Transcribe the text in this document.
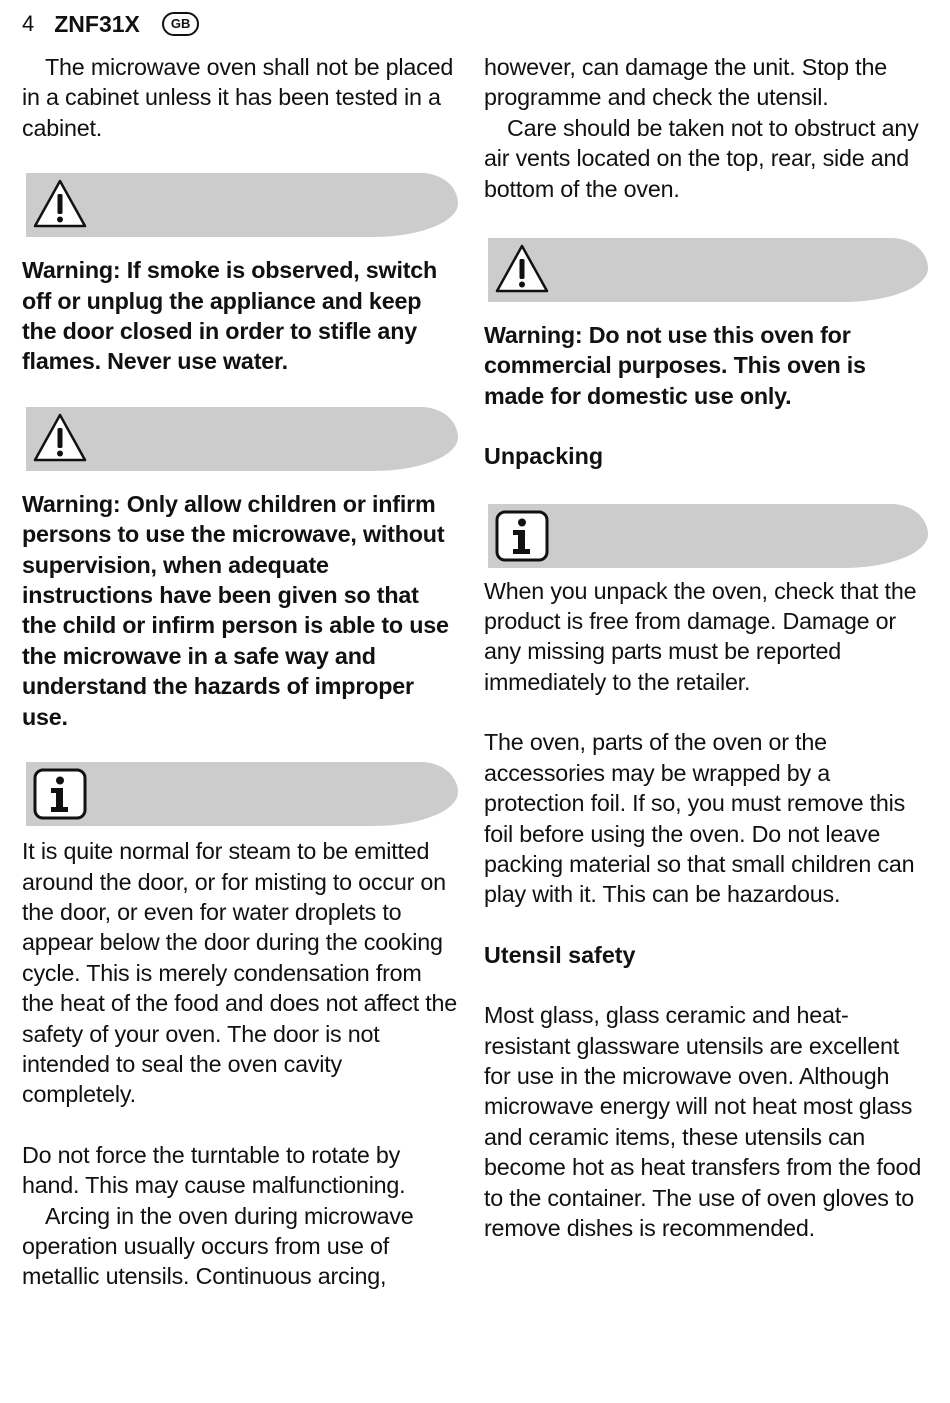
4 ZNF31X	GB

The microwave oven shall not be placed in a cabinet unless it has been tested in a cabinet.

Warning: If smoke is observed, switch off or unplug the appliance and keep the door closed in order to stifle any flames. Never use water.

Warning: Only allow children or infirm persons to use the microwave, without supervision, when adequate instructions have been given so that the child or infirm person is able to use the microwave in a safe way and understand the hazards of improper use.

It is quite normal for steam to be emitted around the door, or for misting to occur on the door, or even for water droplets to appear below the door during the cooking cycle. This is merely condensation from the heat of the food and does not affect the safety of your oven. The door is not intended to seal the oven cavity completely.

Do not force the turntable to rotate by hand. This may cause malfunctioning.

Arcing in the oven during microwave operation usually occurs from use of metallic utensils. Continuous arcing,

however, can damage the unit. Stop the programme and check the utensil.

Care should be taken not to obstruct any air vents located on the top, rear, side and bottom of the oven.

Warning: Do not use this oven for commercial purposes. This oven is made for domestic use only.

Unpacking

When you unpack the oven, check that the product is free from damage. Damage or any missing parts must be reported immediately to the retailer.

The oven, parts of the oven or the accessories may be wrapped by a protection foil. If so, you must remove this foil before using the oven. Do not leave packing material so that small children can play with it. This can be hazardous.

Utensil safety

Most glass, glass ceramic and heat-resistant glassware utensils are excellent for use in the microwave oven. Although microwave energy will not heat most glass and ceramic items, these utensils can become hot as heat transfers from the food to the container. The use of oven gloves to remove dishes is recommended.
